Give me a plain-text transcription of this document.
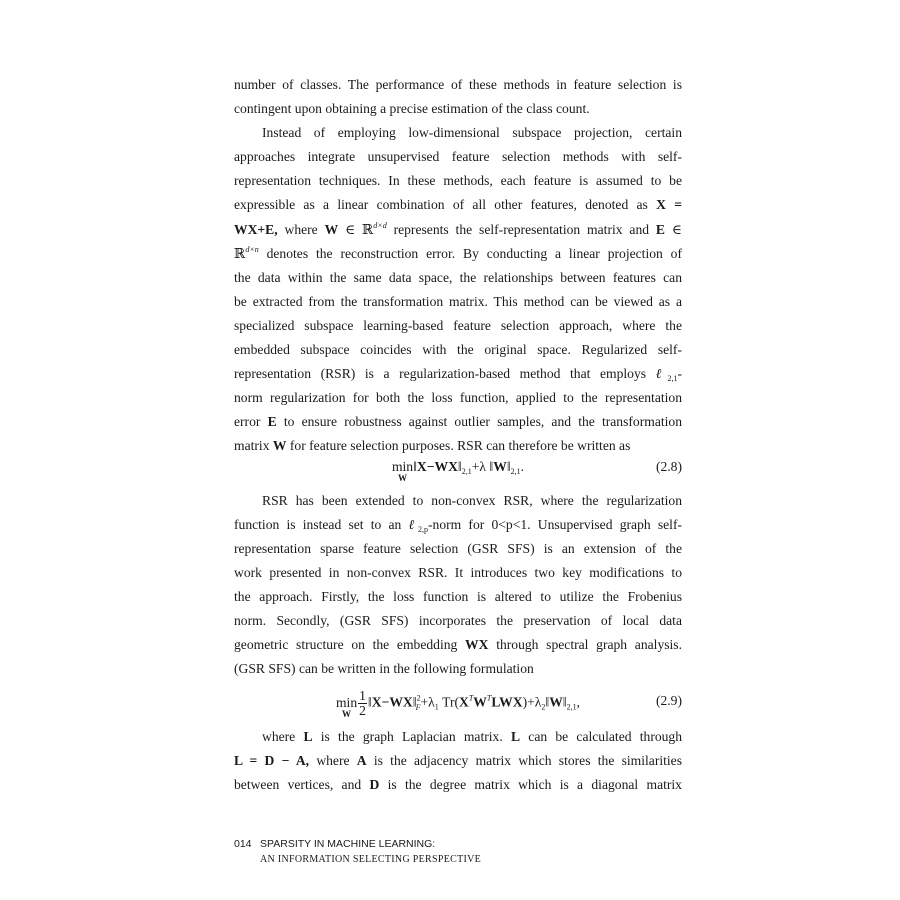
number of classes. The performance of these methods in feature selection is
contingent upon obtaining a precise estimation of the class count.
Instead of employing low-dimensional subspace projection, certain
approaches integrate unsupervised feature selection methods with self-
representation techniques. In these methods, each feature is assumed to be
expressible as a linear combination of all other features, denoted as X =
WX+E, where W ∈ ℝ$^{d\times d}$ represents the self-representation matrix and E ∈
ℝ$^{d\times n}$ denotes the reconstruction error. By conducting a linear projection of
the data within the same data space, the relationships between features can
be extracted from the transformation matrix. This method can be viewed as a
specialized subspace learning-based feature selection approach, where the
embedded subspace coincides with the original space. Regularized self-
representation (RSR) is a regularization-based method that employs ℓ$_{2,1}$-
norm regularization for both the loss function, applied to the representation
error E to ensure robustness against outlier samples, and the transformation
matrix W for feature selection purposes. RSR can therefore be written as
min
W
$‖X-WX‖_{2,1}+\lambda$ $‖W‖_{2,1}$.	(2.8)
RSR has been extended to non-convex RSR, where the regularization
function is instead set to an ℓ$_{2,p}$-norm for 0<p<1. Unsupervised graph self-
representation sparse feature selection (GSR SFS) is an extension of the
work presented in non-convex RSR. It introduces two key modifications to
the approach. Firstly, the loss function is altered to utilize the Frobenius
norm. Secondly, (GSR SFS) incorporates the preservation of local data
geometric structure on the embedding WX through spectral graph analysis.
(GSR SFS) can be written in the following formulation
min
W $\frac{1}{2}$ $‖X-WX‖^2_F+\lambda_1$ $Tr(X^TW^TLWX)+\lambda_2‖W‖_{2,1}$,	(2.9)
where L is the graph Laplacian matrix. L can be calculated through
L = D − A, where A is the adjacency matrix which stores the similarities
between vertices, and D is the degree matrix which is a diagonal matrix
014 SPARSITY IN MACHINE LEARNING:
AN INFORMATION SELECTING PERSPECTIVE
